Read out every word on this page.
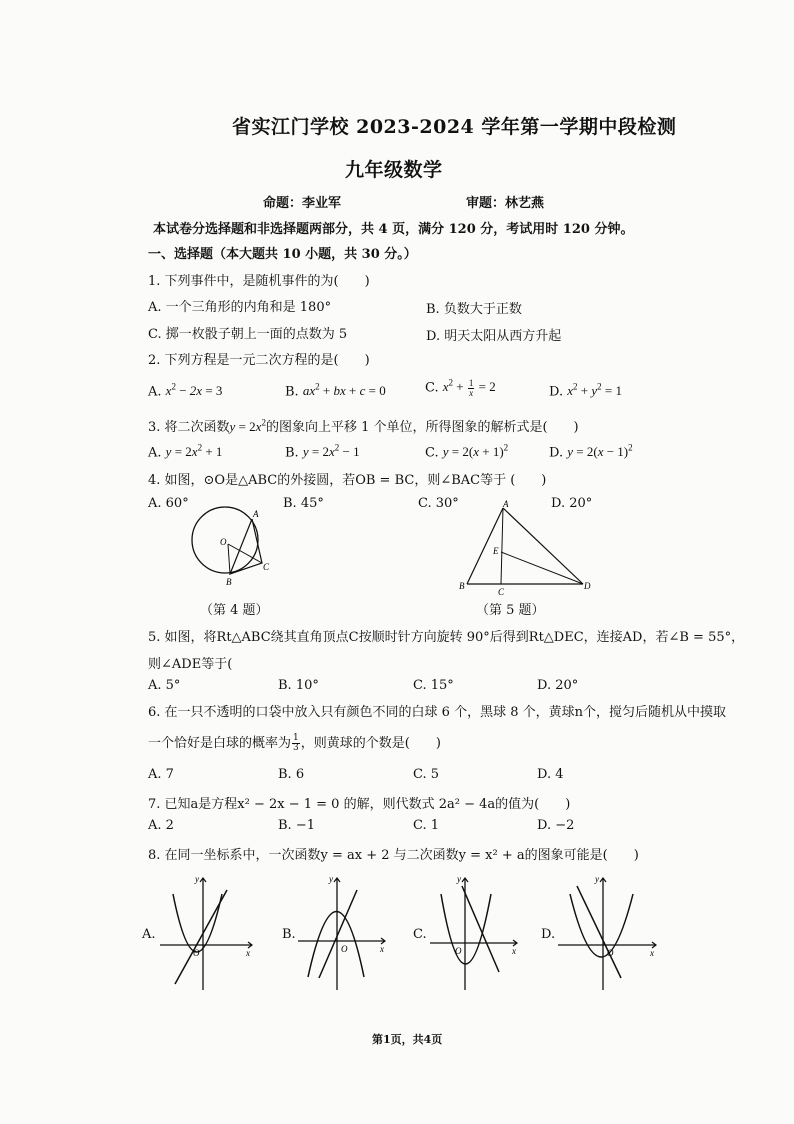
省实江门学校 2023-2024 学年第一学期中段检测
九年级数学
命题：李业军	审题：林艺燕
本试卷分选择题和非选择题两部分，共 4 页，满分 120 分，考试用时 120 分钟。
一、选择题（本大题共 10 小题，共 30 分。）
1. 下列事件中，是随机事件的为(　　)
A. 一个三角形的内角和是 180°	B. 负数大于正数
C. 掷一枚骰子朝上一面的点数为 5	D. 明天太阳从西方升起
2. 下列方程是一元二次方程的是(　　)
A. $x^2 - 2x = 3$	B. $ax^2$ + bx + c = 0	C. $x^2 + \frac{1}{x} = 2$	D. $x^2 + y^2 = 1$
3. 将二次函数$y = 2x^2$的图象向上平移 1 个单位，所得图象的解析式是(　　)
A. $y = 2x^2 + 1$	B. $y = 2x^2 - 1$	C. $y = 2(x + 1)^2$	D. $y = 2(x - 1)^2$
4. 如图，⊙O是△ABC的外接圆，若OB = BC，则∠BAC等于 (　　)
A. 60°	B. 45°	C. 30°	D. 20°
A
O
B
C
（第 4 题）
A
E
B
C
D
（第 5 题）
5. 如图，将Rt△ABC绕其直角顶点C按顺时针方向旋转 90°后得到Rt△DEC，连接AD，若∠B = 55°，
则∠ADE等于(
A. 5°	B. 10°	C. 15°	D. 20°
6. 在一只不透明的口袋中放入只有颜色不同的白球 6 个，黑球 8 个，黄球n个，搅匀后随机从中摸取
一个恰好是白球的概率为 $\frac{1}{3}$ ，则黄球的个数是(　　)
A. 7	B. 6	C. 5	D. 4
7. 已知a是方程x² − 2x − 1 = 0 的解，则代数式 2a² − 4a的值为(　　)
A. 2	B. −1	C. 1	D. −2
8. 在同一坐标系中，一次函数y = ax + 2 与二次函数y = x² + a的图象可能是(　　)
A.
y
O	x
B.
y
O	x
C.
y
O	x
D.
y
O	x
第1页，共4页
